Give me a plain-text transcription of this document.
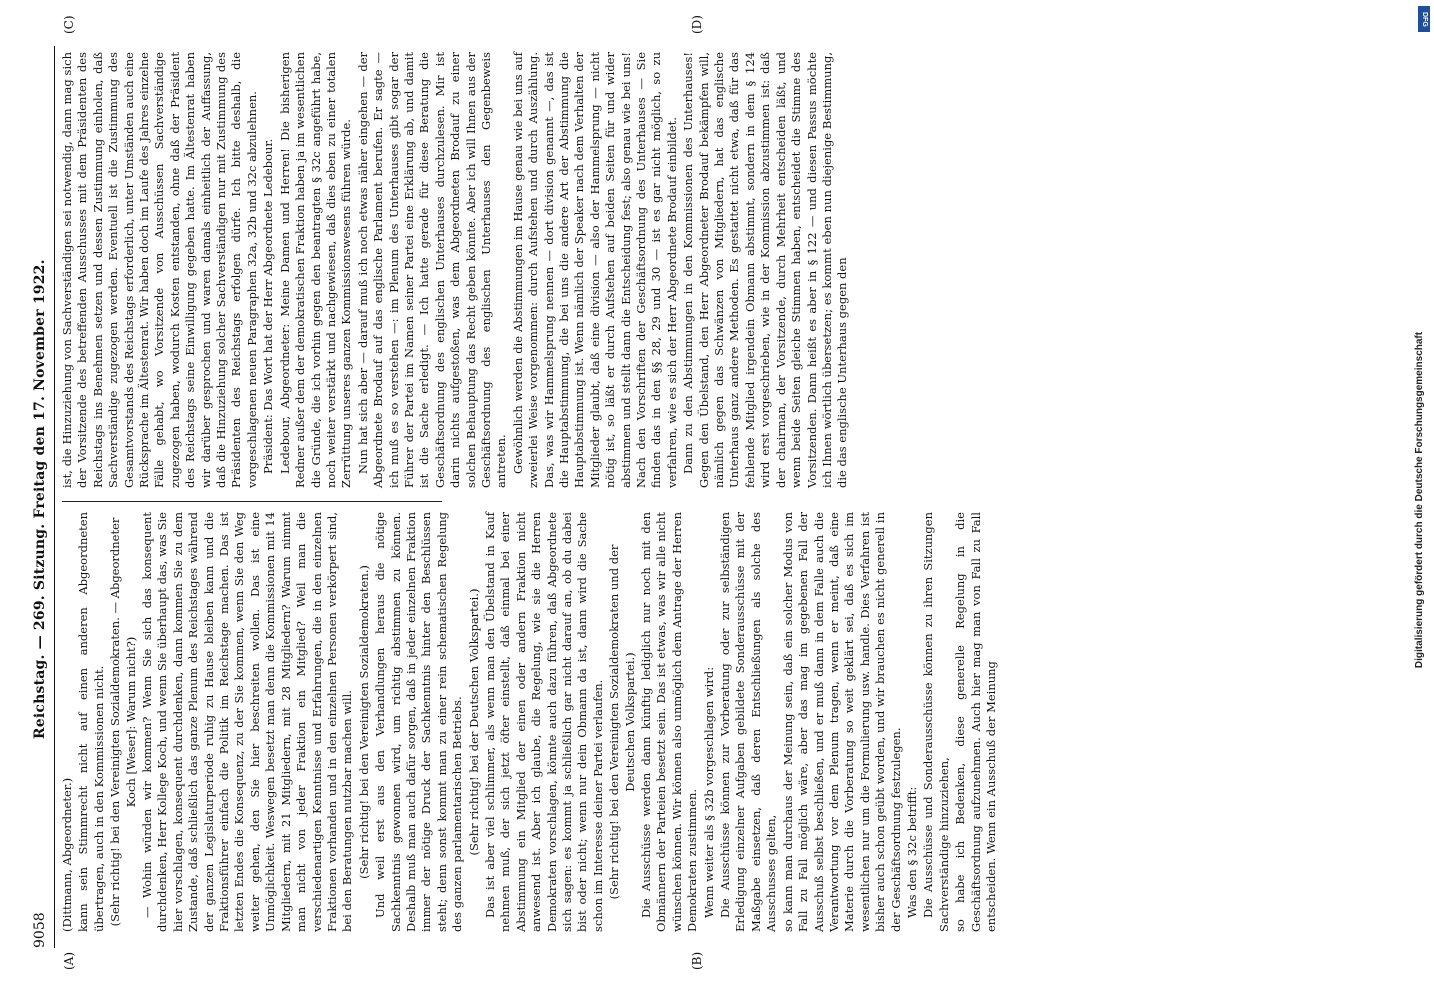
9058
Reichstag. — 269. Sitzung. Freitag den 17. November 1922.

(Dittmann, Abgeordneter.) kann sein Stimmrecht nicht auf einen anderen Abgeordneten übertragen, auch in den Kommissionen nicht. (Sehr richtig! bei den Vereinigten Sozialdemokraten. — Abgeordneter Koch [Weser]: Warum nicht?) — Wohin würden wir kommen? Wenn Sie sich das konsequent durchdenken, Herr Kollege Koch, und wenn Sie überhaupt das, was Sie hier vorschlagen, konsequent durchdenken, dann kommen Sie zu dem Zustande, daß schließlich das ganze Plenum des Reichstages während der ganzen Legislaturperiode ruhig zu Hause bleiben kann und die Fraktionsführer einfach die Politik im Reichstage machen. Das ist letzten Endes die Konsequenz, zu der Sie kommen, wenn Sie den Weg weiter gehen, den Sie hier beschreiten wollen. Das ist eine Unmöglichkeit. Weswegen besetzt man denn die Kommissionen mit 14 Mitgliedern, mit 21 Mitgliedern, mit 28 Mitgliedern? Warum nimmt man nicht von jeder Fraktion ein Mitglied? Weil man die verschiedenartigen Kenntnisse und Erfahrungen, die in den einzelnen Fraktionen vorhanden und in den einzelnen Personen verkörpert sind, bei den Beratungen nutzbar machen will. (Sehr richtig! bei den Vereinigten Sozialdemokraten.) Und weil erst aus den Verhandlungen heraus die nötige Sachkenntnis gewonnen wird, um richtig abstimmen zu können. Deshalb muß man auch dafür sorgen, daß in jeder einzelnen Fraktion immer der nötige Druck der Sachkenntnis hinter den Beschlüssen steht; denn sonst kommt man zu einer rein schematischen Regelung des ganzen parlamentarischen Betriebs. (Sehr richtig! bei der Deutschen Volkspartei.) Das ist aber viel schlimmer, als wenn man den Übelstand in Kauf nehmen muß, der sich jetzt öfter einstellt, daß einmal bei einer Abstimmung ein Mitglied der einen oder andern Fraktion nicht anwesend ist. Aber ich glaube, die Regelung, wie sie die Herren Demokraten vorschlagen, könnte auch dazu führen, daß Abgeordnete sich sagen: es kommt ja schließlich gar nicht darauf an, ob du dabei bist oder nicht; wenn nur dein Obmann da ist, dann wird die Sache schon im Interesse deiner Partei verlaufen. (Sehr richtig! bei den Vereinigten Sozialdemokraten und der Deutschen Volkspartei.) Die Ausschüsse werden dann künftig lediglich nur noch mit den Obmännern der Parteien besetzt sein. Das ist etwas, was wir alle nicht wünschen können. Wir können also unmöglich dem Antrage der Herren Demokraten zustimmen. Wenn weiter als § 32b vorgeschlagen wird: Die Ausschüsse können zur Vorberatung oder zur selbständigen Erledigung einzelner Aufgaben gebildete Sonderausschüsse mit der Maßgabe einsetzen, daß deren Entschließungen als solche des Ausschusses gelten, so kann man durchaus der Meinung sein, daß ein solcher Modus von Fall zu Fall möglich wäre, aber das mag im gegebenen Fall der Ausschuß selbst beschließen, und er muß dann in dem Falle auch die Verantwortung vor dem Plenum tragen, wenn er meint, daß eine Materie durch die Vorberatung so weit geklärt sei, daß es sich im wesentlichen nur um die Formulierung usw. handle. Dies Verfahren ist bisher auch schon geübt worden, und wir brauchen es nicht generell in der Geschäftsordnung festzulegen. Was den § 32c betrifft: Die Ausschüsse und Sonderausschüsse können zu ihren Sitzungen Sachverständige hinzuziehen, so habe ich Bedenken, diese generelle Regelung in die Geschäftsordnung aufzunehmen. Auch hier mag man von Fall zu Fall entscheiden. Wenn ein Ausschuß der Meinung

ist, die Hinzuziehung von Sachverständigen sei notwendig, dann mag sich der Vorsitzende des betreffenden Ausschusses mit dem Präsidenten des Reichstags ins Benehmen setzen und dessen Zustimmung einholen, daß Sachverständige zugezogen werden. Eventuell ist die Zustimmung des Gesamtvorstands des Reichstags erforderlich, unter Umständen auch eine Rücksprache im Ältestenrat. Wir haben doch im Laufe des Jahres einzelne Fälle gehabt, wo Vorsitzende von Ausschüssen Sachverständige zugezogen haben, wodurch Kosten entstanden, ohne daß der Präsident des Reichstags seine Einwilligung gegeben hatte. Im Ältestenrat haben wir darüber gesprochen und waren damals einheitlich der Auffassung, daß die Hinzuziehung solcher Sachverständigen nur mit Zustimmung des Präsidenten des Reichstags erfolgen dürfe. Ich bitte deshalb, die vorgeschlagenen neuen Paragraphen 32a, 32b und 32c abzulehnen. Präsident: Das Wort hat der Herr Abgeordnete Ledebour. Ledebour, Abgeordneter: Meine Damen und Herren! Die bisherigen Redner außer dem der demokratischen Fraktion haben ja im wesentlichen die Gründe, die ich vorhin gegen den beantragten § 32c angeführt habe, noch weiter verstärkt und nachgewiesen, daß dies eben zu einer totalen Zerrüttung unseres ganzen Kommissionswesens führen würde. Nun hat sich aber — darauf muß ich noch etwas näher eingehen — der Abgeordnete Brodauf auf das englische Parlament berufen. Er sagte — ich muß es so verstehen —: im Plenum des Unterhauses gibt sogar der Führer der Partei im Namen seiner Partei eine Erklärung ab, und damit ist die Sache erledigt. — Ich hatte gerade für diese Beratung die Geschäftsordnung des englischen Unterhauses durchzulesen. Mir ist darin nichts aufgestoßen, was dem Abgeordneten Brodauf zu einer solchen Behauptung das Recht geben könnte. Aber ich will Ihnen aus der Geschäftsordnung des englischen Unterhauses den Gegenbeweis antreten. Gewöhnlich werden die Abstimmungen im Hause genau wie bei uns auf zweierlei Weise vorgenommen: durch Aufstehen und durch Auszählung. Das, was wir Hammelsprung nennen — dort division genannt —, das ist die Hauptabstimmung, die bei uns die andere Art der Abstimmung die Hauptabstimmung ist. Wenn nämlich der Speaker nach dem Verhalten der Mitglieder glaubt, daß eine division — also der Hammelsprung — nicht nötig ist, so läßt er durch Aufstehen auf beiden Seiten für und wider abstimmen und stellt dann die Entscheidung fest; also genau wie bei uns! Nach den Vorschriften der Geschäftsordnung des Unterhauses — Sie finden das in den §§ 28, 29 und 30 — ist es gar nicht möglich, so zu verfahren, wie es sich der Herr Abgeordnete Brodauf einbildet. Dann zu den Abstimmungen in den Kommissionen des Unterhauses! Gegen den Übelstand, den Herr Abgeordneter Brodauf bekämpfen will, nämlich gegen das Schwänzen von Mitgliedern, hat das englische Unterhaus ganz andere Methoden. Es gestattet nicht etwa, daß für das fehlende Mitglied irgendein Obmann abstimmt, sondern in dem § 124 wird erst vorgeschrieben, wie in der Kommission abzustimmen ist: daß der chairman, der Vorsitzende, durch Mehrheit entscheiden läßt, und wenn beide Seiten gleiche Stimmen haben, entscheidet die Stimme des Vorsitzenden. Dann heißt es aber in § 122 — und diesen Passus möchte ich Ihnen wörtlich übersetzen; es kommt eben nun diejenige Bestimmung, die das englische Unterhaus gegen den

(A)	(B)
(C)	(D)	DFG
Digitalisierung gefördert durch die Deutsche Forschungsgemeinschaft
